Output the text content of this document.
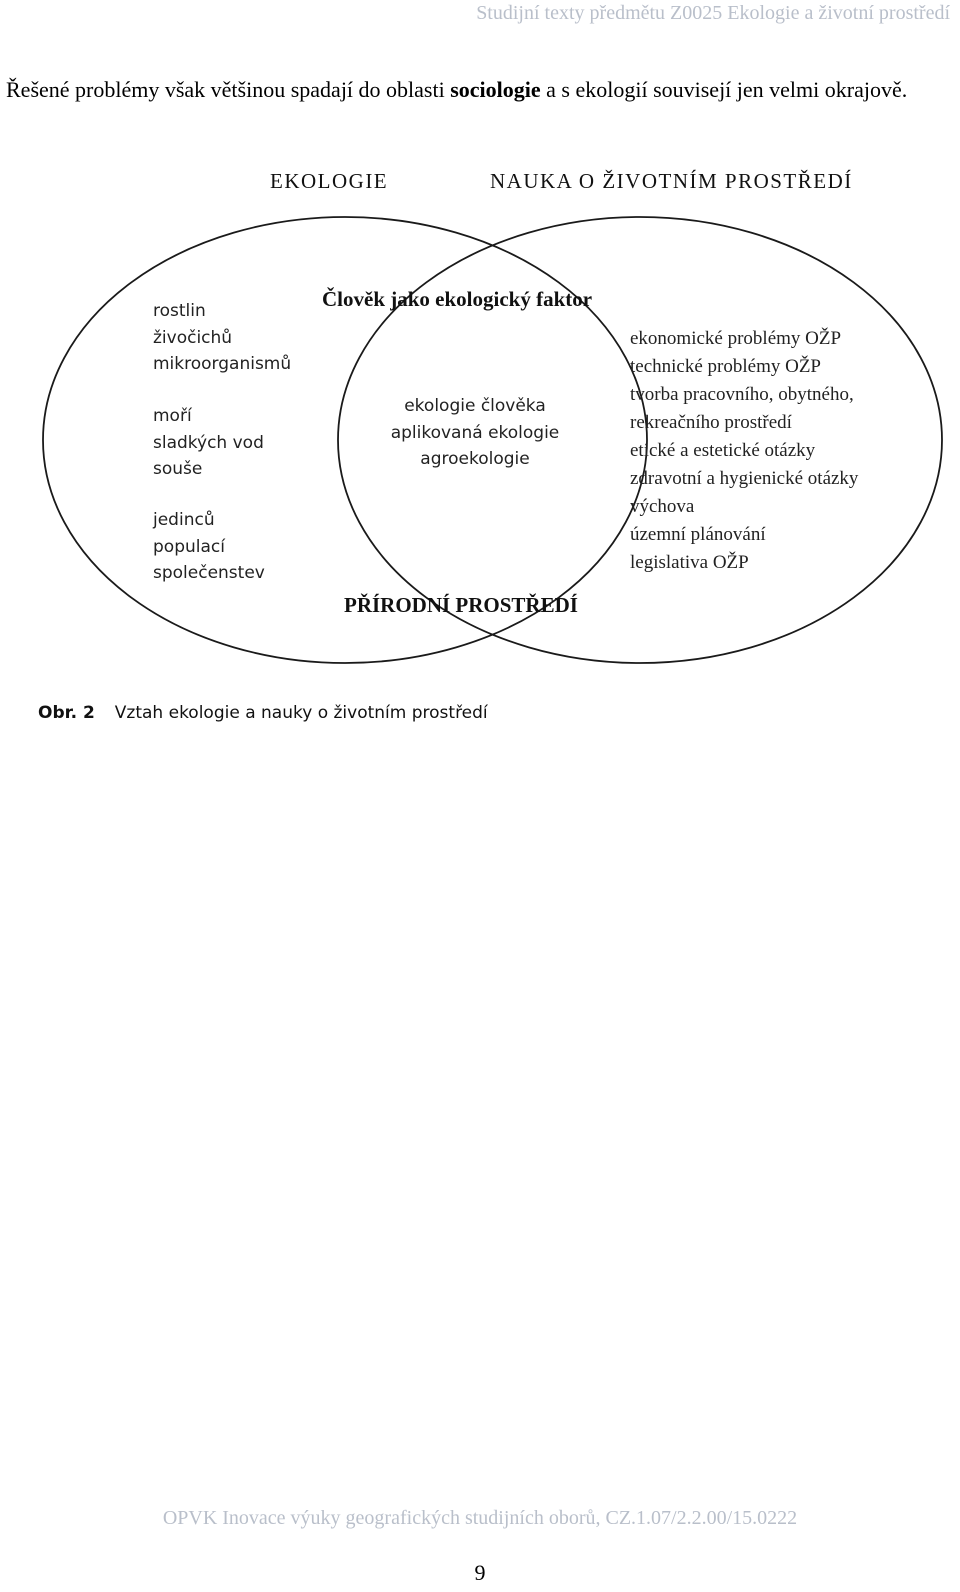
Studijní texty předmětu Z0025 Ekologie a životní prostředí

Řešené problémy však většinou spadají do oblasti sociologie a s ekologií souvisejí jen velmi okrajově.

EKOLOGIE	NAUKA O ŽIVOTNÍM PROSTŘEDÍ
Člověk jako ekologický faktor
PŘÍRODNÍ PROSTŘEDÍ
rostlin
živočichů
mikroorganismů
moří
sladkých vod
souše
jedinců
populací
společenstev
ekologie člověka
aplikovaná ekologie
agroekologie
ekonomické problémy OŽP
technické problémy OŽP
tvorba pracovního, obytného,
rekreačního prostředí
etické a estetické otázky
zdravotní a hygienické otázky
výchova
územní plánování
legislativa OŽP
Obr. 2 Vztah ekologie a nauky o životním prostředí
OPVK Inovace výuky geografických studijních oborů, CZ.1.07/2.2.00/15.0222
9
